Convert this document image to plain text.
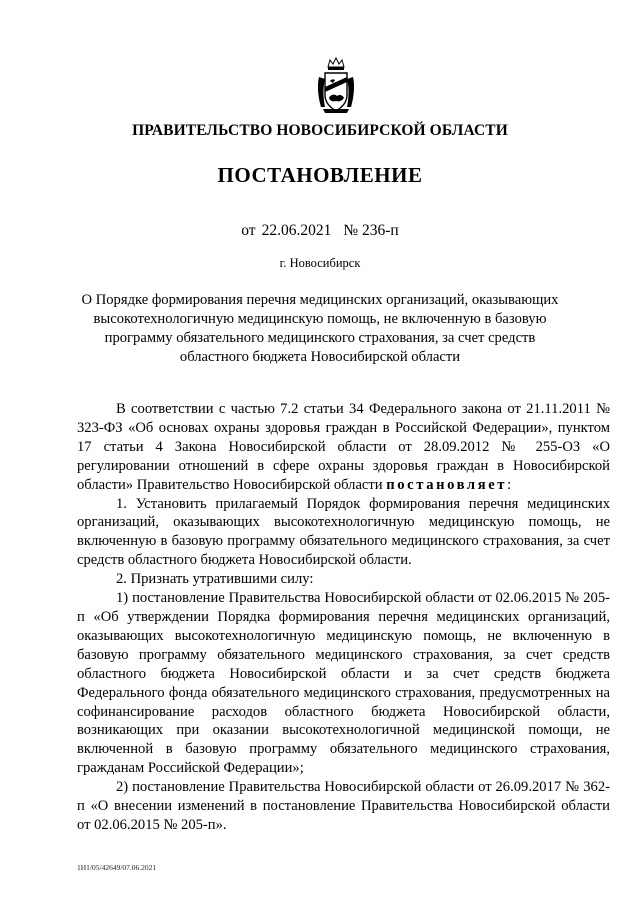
ПРАВИТЕЛЬСТВО НОВОСИБИРСКОЙ ОБЛАСТИ
ПОСТАНОВЛЕНИЕ
от 22.06.2021 № 236-п
г. Новосибирск
О Порядке формирования перечня медицинских организаций, оказывающих
высокотехнологичную медицинскую помощь, не включенную в базовую
программу обязательного медицинского страхования, за счет средств
областного бюджета Новосибирской области

В соответствии с частью 7.2 статьи 34 Федерального закона от 21.11.2011 № 323-ФЗ «Об основах охраны здоровья граждан в Российской Федерации», пунктом 17 статьи 4 Закона Новосибирской области от 28.09.2012 № 255-ОЗ «О регулировании отношений в сфере охраны здоровья граждан в Новосибирской области» Правительство Новосибирской области постановляет:

1. Установить прилагаемый Порядок формирования перечня медицинских организаций, оказывающих высокотехнологичную медицинскую помощь, не включенную в базовую программу обязательного медицинского страхования, за счет средств областного бюджета Новосибирской области.

2. Признать утратившими силу:

1) постановление Правительства Новосибирской области от 02.06.2015 № 205-п «Об утверждении Порядка формирования перечня медицинских организаций, оказывающих высокотехнологичную медицинскую помощь, не включенную в базовую программу обязательного медицинского страхования, за счет средств областного бюджета Новосибирской области и за счет средств бюджета Федерального фонда обязательного медицинского страхования, предусмотренных на софинансирование расходов областного бюджета Новосибирской области, возникающих при оказании высокотехнологичной медицинской помощи, не включенной в базовую программу обязательного медицинского страхования, гражданам Российской Федерации»;

2) постановление Правительства Новосибирской области от 26.09.2017 № 362-п «О внесении изменений в постановление Правительства Новосибирской области от 02.06.2015 № 205-п».

1Н1/05/42649/07.06.2021
